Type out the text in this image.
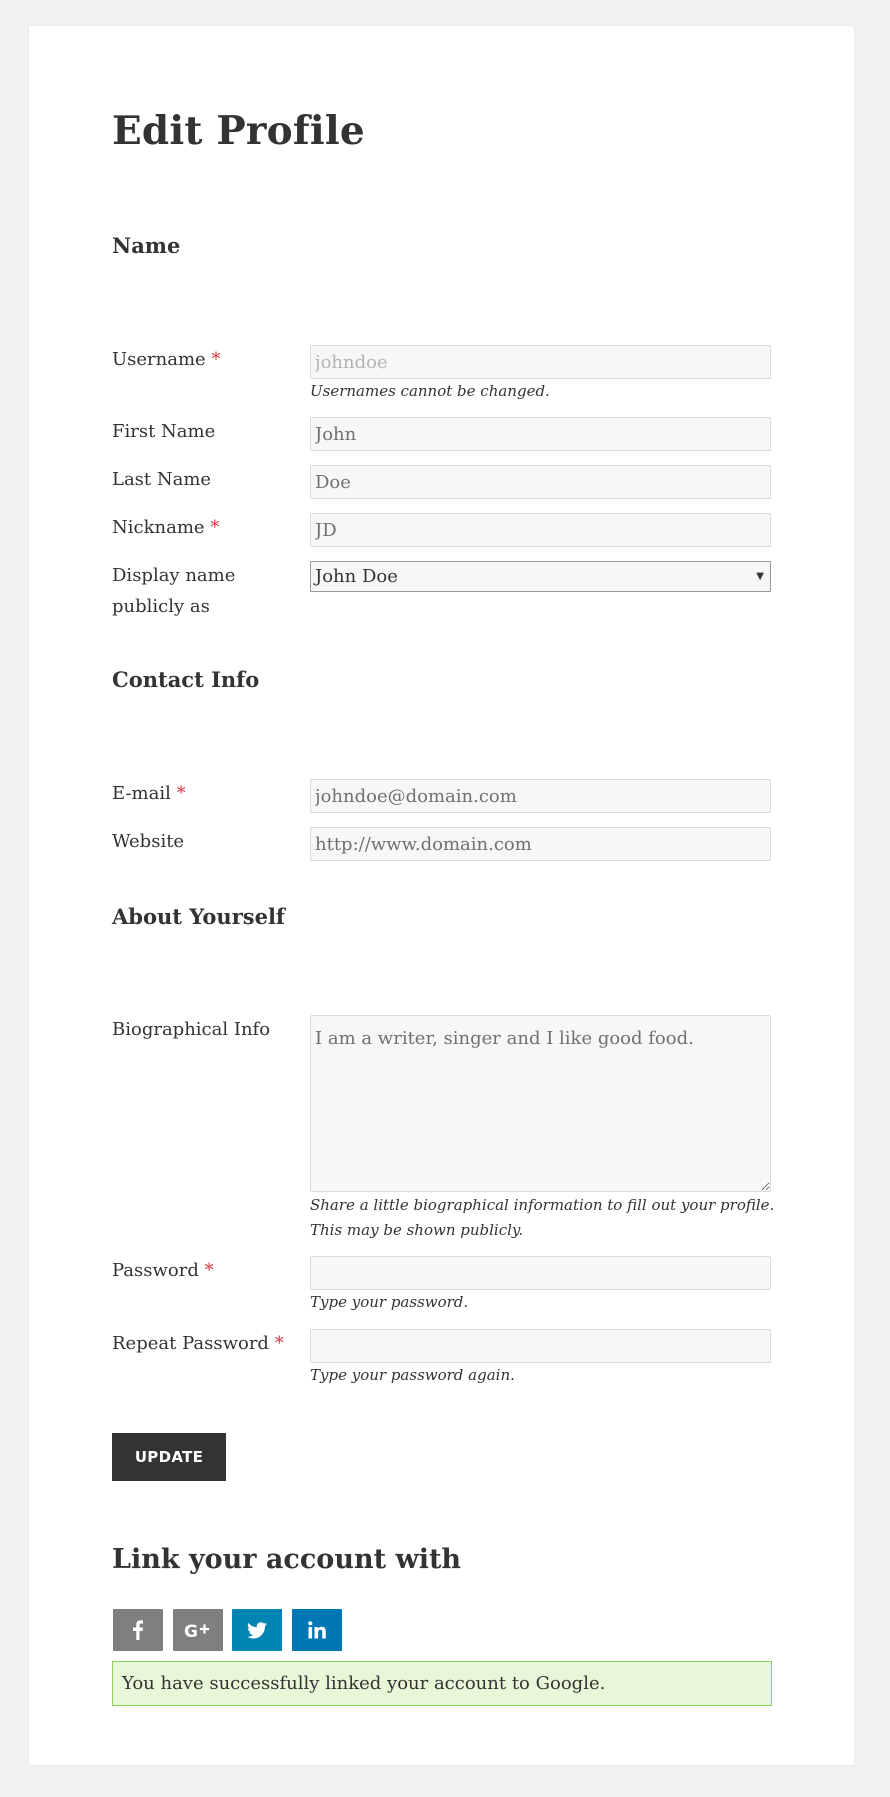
Edit Profile
Name
Username *
johndoe
Usernames cannot be changed.
First Name
John
Last Name
Doe
Nickname *
JD
Display name publicly as
John Doe	▼
Contact Info
E-mail *
johndoe@domain.com
Website
http://www.domain.com
About Yourself
Biographical Info
I am a writer, singer and I like good food.
Share a little biographical information to fill out your profile.
This may be shown publicly.
Password *
Type your password.
Repeat Password *
Type your password again.
UPDATE
Link your account with
G
You have successfully linked your account to Google.
